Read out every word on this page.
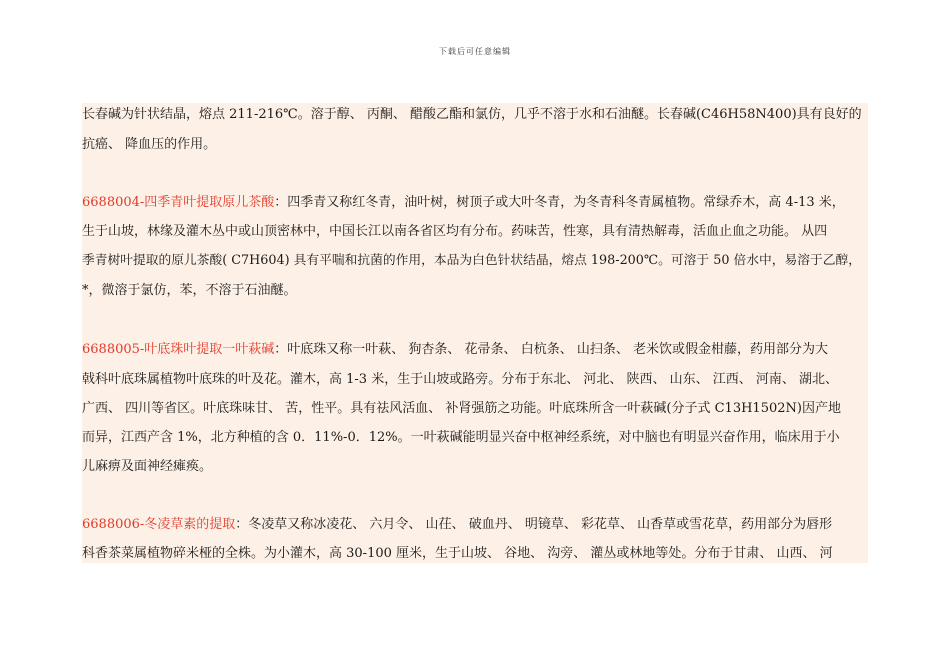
下载后可任意编辑
长春碱为针状结晶，熔点 211-216℃。溶于醇、 丙酮、 醋酸乙酯和氯仿，几乎不溶于水和石油醚。长春碱(C46H58N400)具有良好的
抗癌、 降血压的作用。
6688004-四季青叶提取原儿茶酸：四季青又称红冬青，油叶树，树顶子或大叶冬青，为冬青科冬青属植物。常绿乔木，高 4-13 米，
生于山坡，林缘及灌木丛中或山顶密林中，中国长江以南各省区均有分布。药味苦，性寒，具有清热解毒，活血止血之功能。 从四
季青树叶提取的原儿茶酸( C7H604) 具有平喘和抗菌的作用，本品为白色针状结晶，熔点 198-200℃。可溶于 50 倍水中，易溶于乙醇，
*，微溶于氯仿，苯，不溶于石油醚。
6688005-叶底珠叶提取一叶萩碱：叶底珠又称一叶萩、 狗杏条、 花帚条、 白杭条、 山扫条、 老米饮或假金柑藤，药用部分为大
戟科叶底珠属植物叶底珠的叶及花。灌木，高 1-3 米，生于山坡或路旁。分布于东北、 河北、 陕西、 山东、 江西、 河南、 湖北、
广西、 四川等省区。叶底珠味甘、 苦，性平。具有祛风活血、 补肾强筋之功能。叶底珠所含一叶萩碱(分子式 C13H1502N)因产地
而异，江西产含 1%，北方种植的含 0．11%-0．12%。一叶萩碱能明显兴奋中枢神经系统，对中脑也有明显兴奋作用，临床用于小
儿麻痹及面神经瘫痪。
6688006-冬凌草素的提取：冬凌草又称冰凌花、 六月令、 山茌、 破血丹、 明镜草、 彩花草、 山香草或雪花草，药用部分为唇形
科香茶菜属植物碎米桠的全株。为小灌木，高 30-100 厘米，生于山坡、 谷地、 沟旁、 灌丛或林地等处。分布于甘肃、 山西、 河
